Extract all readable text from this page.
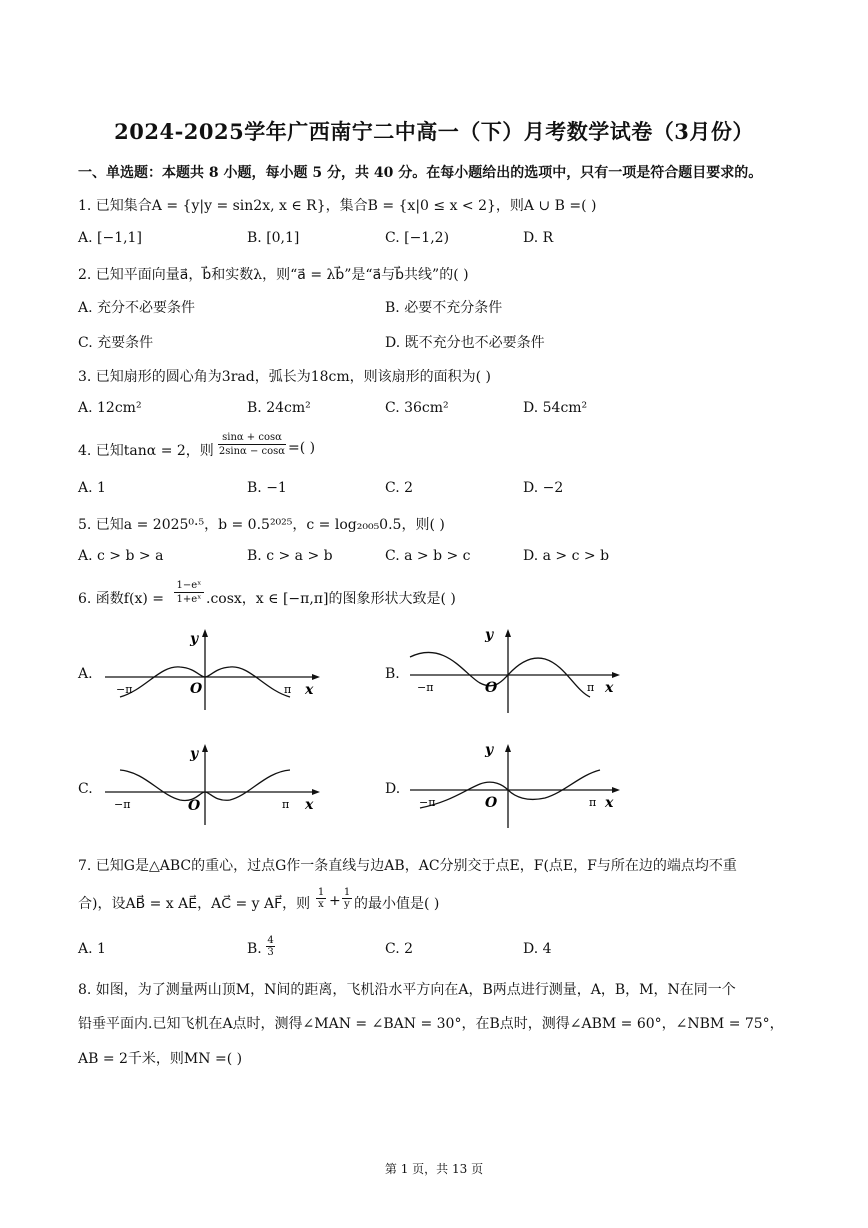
2024-2025学年广西南宁二中高一（下）月考数学试卷（3月份）
一、单选题：本题共 8 小题，每小题 5 分，共 40 分。在每小题给出的选项中，只有一项是符合题目要求的。
1. 已知集合A = {y|y = sin2x, x ∈ R}，集合B = {x|0 ≤ x < 2}，则A ∪ B =( )
A. [−1,1]	B. [0,1]	C. [−1,2)	D. R
2. 已知平面向量a⃗，b⃗和实数λ，则“a⃗ = λb⃗”是“a⃗与b⃗共线”的( )
A. 充分不必要条件	B. 必要不充分条件
C. 充要条件	D. 既不充分也不必要条件
3. 已知扇形的圆心角为3rad，弧长为18cm，则该扇形的面积为( )
A. 12cm²	B. 24cm²	C. 36cm²	D. 54cm²
4. 已知tanα = 2，则 $\frac{\sin\alpha + \cos\alpha}{2\sin\alpha - \cos\alpha}$ =( )
A. 1	B. −1	C. 2	D. −2
5. 已知a = 2025⁰·⁵，b = 0.5²⁰²⁵，c = log₂₀₀₅0.5，则( )
A. c > b > a	B. c > a > b	C. a > b > c	D. a > c > b
6. 函数$f(x) = \frac{\text{1−eˣ}}{\text{1+eˣ}} .\cos x$，x ∈ [−π,π]的图象形状大致是( )
A.	B.
C.	D.
y
x
O
−π	π
y
x
O
−π	π
y
x
O
−π	π
y
x
O
−π	π
7. 已知G是△ABC的重心，过点G作一条直线与边AB，AC分别交于点E，F(点E，F与所在边的端点均不重
合)，设AB⃗ = x AE⃗，AC⃗ = y AF⃗，则 $\frac{1}{x} + \frac{1}{y}$ 的最小值是( )
A. 1	B. $\frac{4}{3}$	C. 2	D. 4
8. 如图，为了测量两山顶M，N间的距离，飞机沿水平方向在A，B两点进行测量，A，B，M，N在同一个
铅垂平面内.已知飞机在A点时，测得∠MAN = ∠BAN = 30°，在B点时，测得∠ABM = 60°，∠NBM = 75°，
AB = 2千米，则MN =( )
第 1 页，共 13 页
